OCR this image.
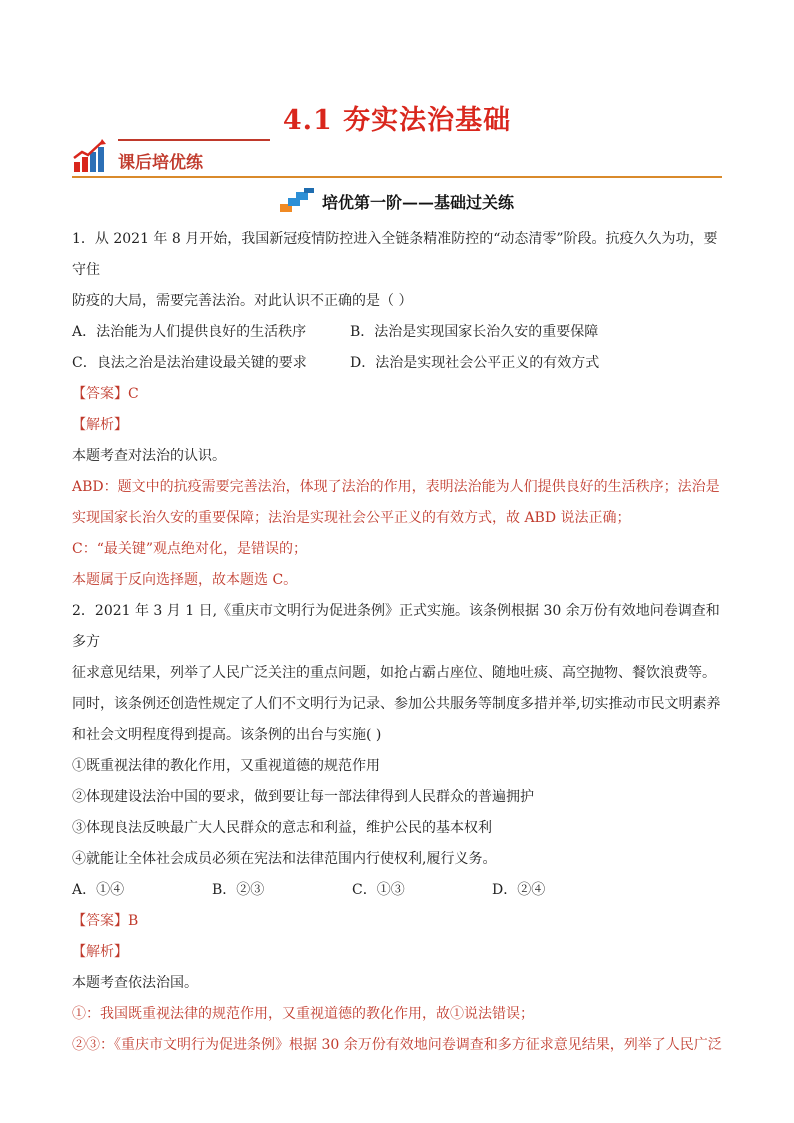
4.1 夯实法治基础
课后培优练
培优第一阶——基础过关练

1．从 2021 年 8 月开始，我国新冠疫情防控进入全链条精准防控的“动态清零”阶段。抗疫久久为功，要守住

防疫的大局，需要完善法治。对此认识不正确的是（ ）

A．法治能为人们提供良好的生活秩序	B．法治是实现国家长治久安的重要保障
C．良法之治是法治建设最关键的要求	D．法治是实现社会公平正义的有效方式

【答案】C

【解析】

本题考查对法治的认识。

ABD：题文中的抗疫需要完善法治，体现了法治的作用，表明法治能为人们提供良好的生活秩序；法治是

实现国家长治久安的重要保障；法治是实现社会公平正义的有效方式，故 ABD 说法正确；

C：“最关键”观点绝对化，是错误的；

本题属于反向选择题，故本题选 C。

2．2021 年 3 月 1 日,《重庆市文明行为促进条例》正式实施。该条例根据 30 余万份有效地问卷调查和多方

征求意见结果，列举了人民广泛关注的重点问题，如抢占霸占座位、随地吐痰、高空抛物、餐饮浪费等。

同时，该条例还创造性规定了人们不文明行为记录、参加公共服务等制度多措并举,切实推动市民文明素养

和社会文明程度得到提高。该条例的出台与实施( )

①既重视法律的教化作用，又重视道德的规范作用

②体现建设法治中国的要求，做到要让每一部法律得到人民群众的普遍拥护

③体现良法反映最广大人民群众的意志和利益，维护公民的基本权利

④就能让全体社会成员必须在宪法和法律范围内行使权利,履行义务。

A．①④	B．②③	C．①③	D．②④

【答案】B

【解析】

本题考查依法治国。

①：我国既重视法律的规范作用，又重视道德的教化作用，故①说法错误；

②③：《重庆市文明行为促进条例》根据 30 余万份有效地问卷调查和多方征求意见结果，列举了人民广泛
